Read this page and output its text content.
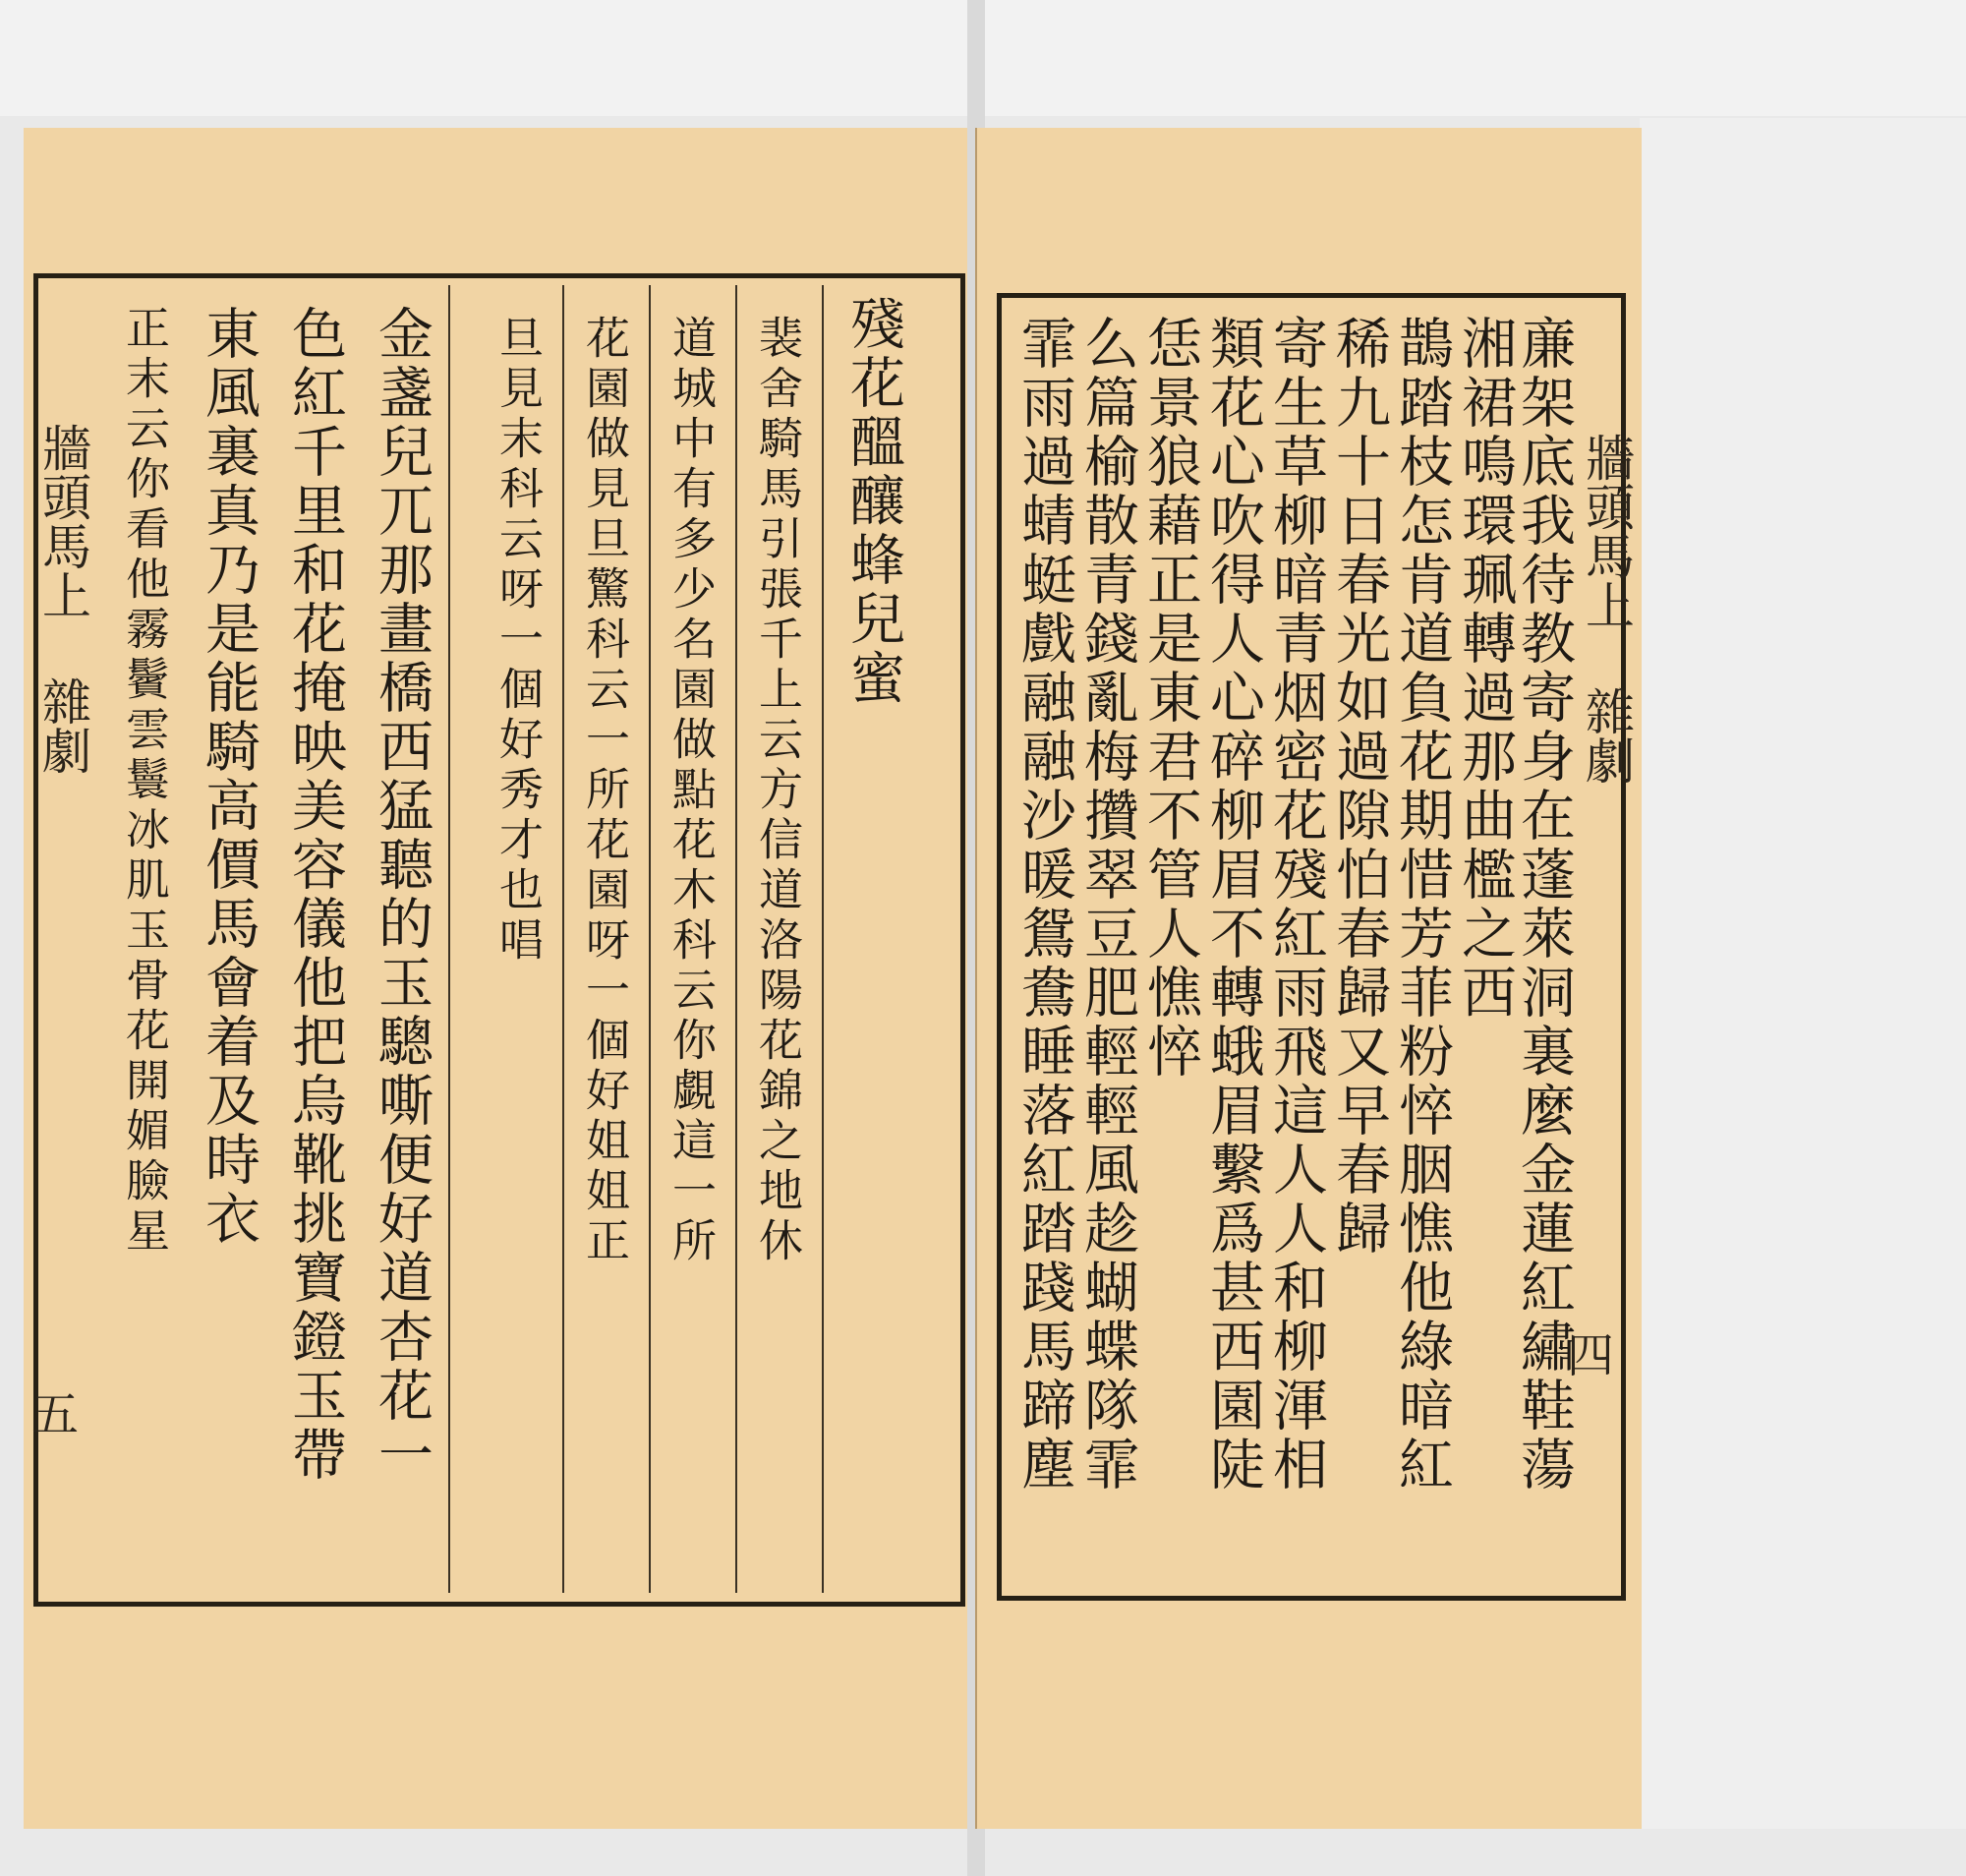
牆頭馬上 雜劇
五
正末云你看他霧鬢雲鬟冰肌玉骨花開媚臉星 東風裏真乃是能騎高價馬會着及時衣 色紅千里和花掩映美容儀他把烏靴挑寶鐙玉帶 金盞兒兀那畫橋西猛聽的玉驄嘶便好道杏花一 旦見末科云呀一個好秀才也唱 花園做見旦驚科云一所花園呀一個好姐姐正 道城中有多少名園做點花木科云你覷這一所 裴舍騎馬引張千上云方信道洛陽花錦之地休 殘花醞釀蜂兒蜜	牆頭馬上 雜劇
四
霏雨過蜻蜓戲融融沙暖鴛鴦睡落紅踏踐馬蹄塵 么篇榆散青錢亂梅攢翠豆肥輕輕風趁蝴蝶隊霏 恁景狼藉正是東君不管人憔悴 類花心吹得人心碎柳眉不轉蛾眉繫爲甚西園陡 寄生草柳暗青烟密花殘紅雨飛這人人和柳渾相 稀九十日春光如過隙怕春歸又早春歸 鵲踏枝怎肯道負花期惜芳菲粉悴胭憔他綠暗紅 湘裙鳴環珮轉過那曲檻之西
亷架底我待教寄身在蓬萊洞裏麼金蓮紅繡鞋蕩
